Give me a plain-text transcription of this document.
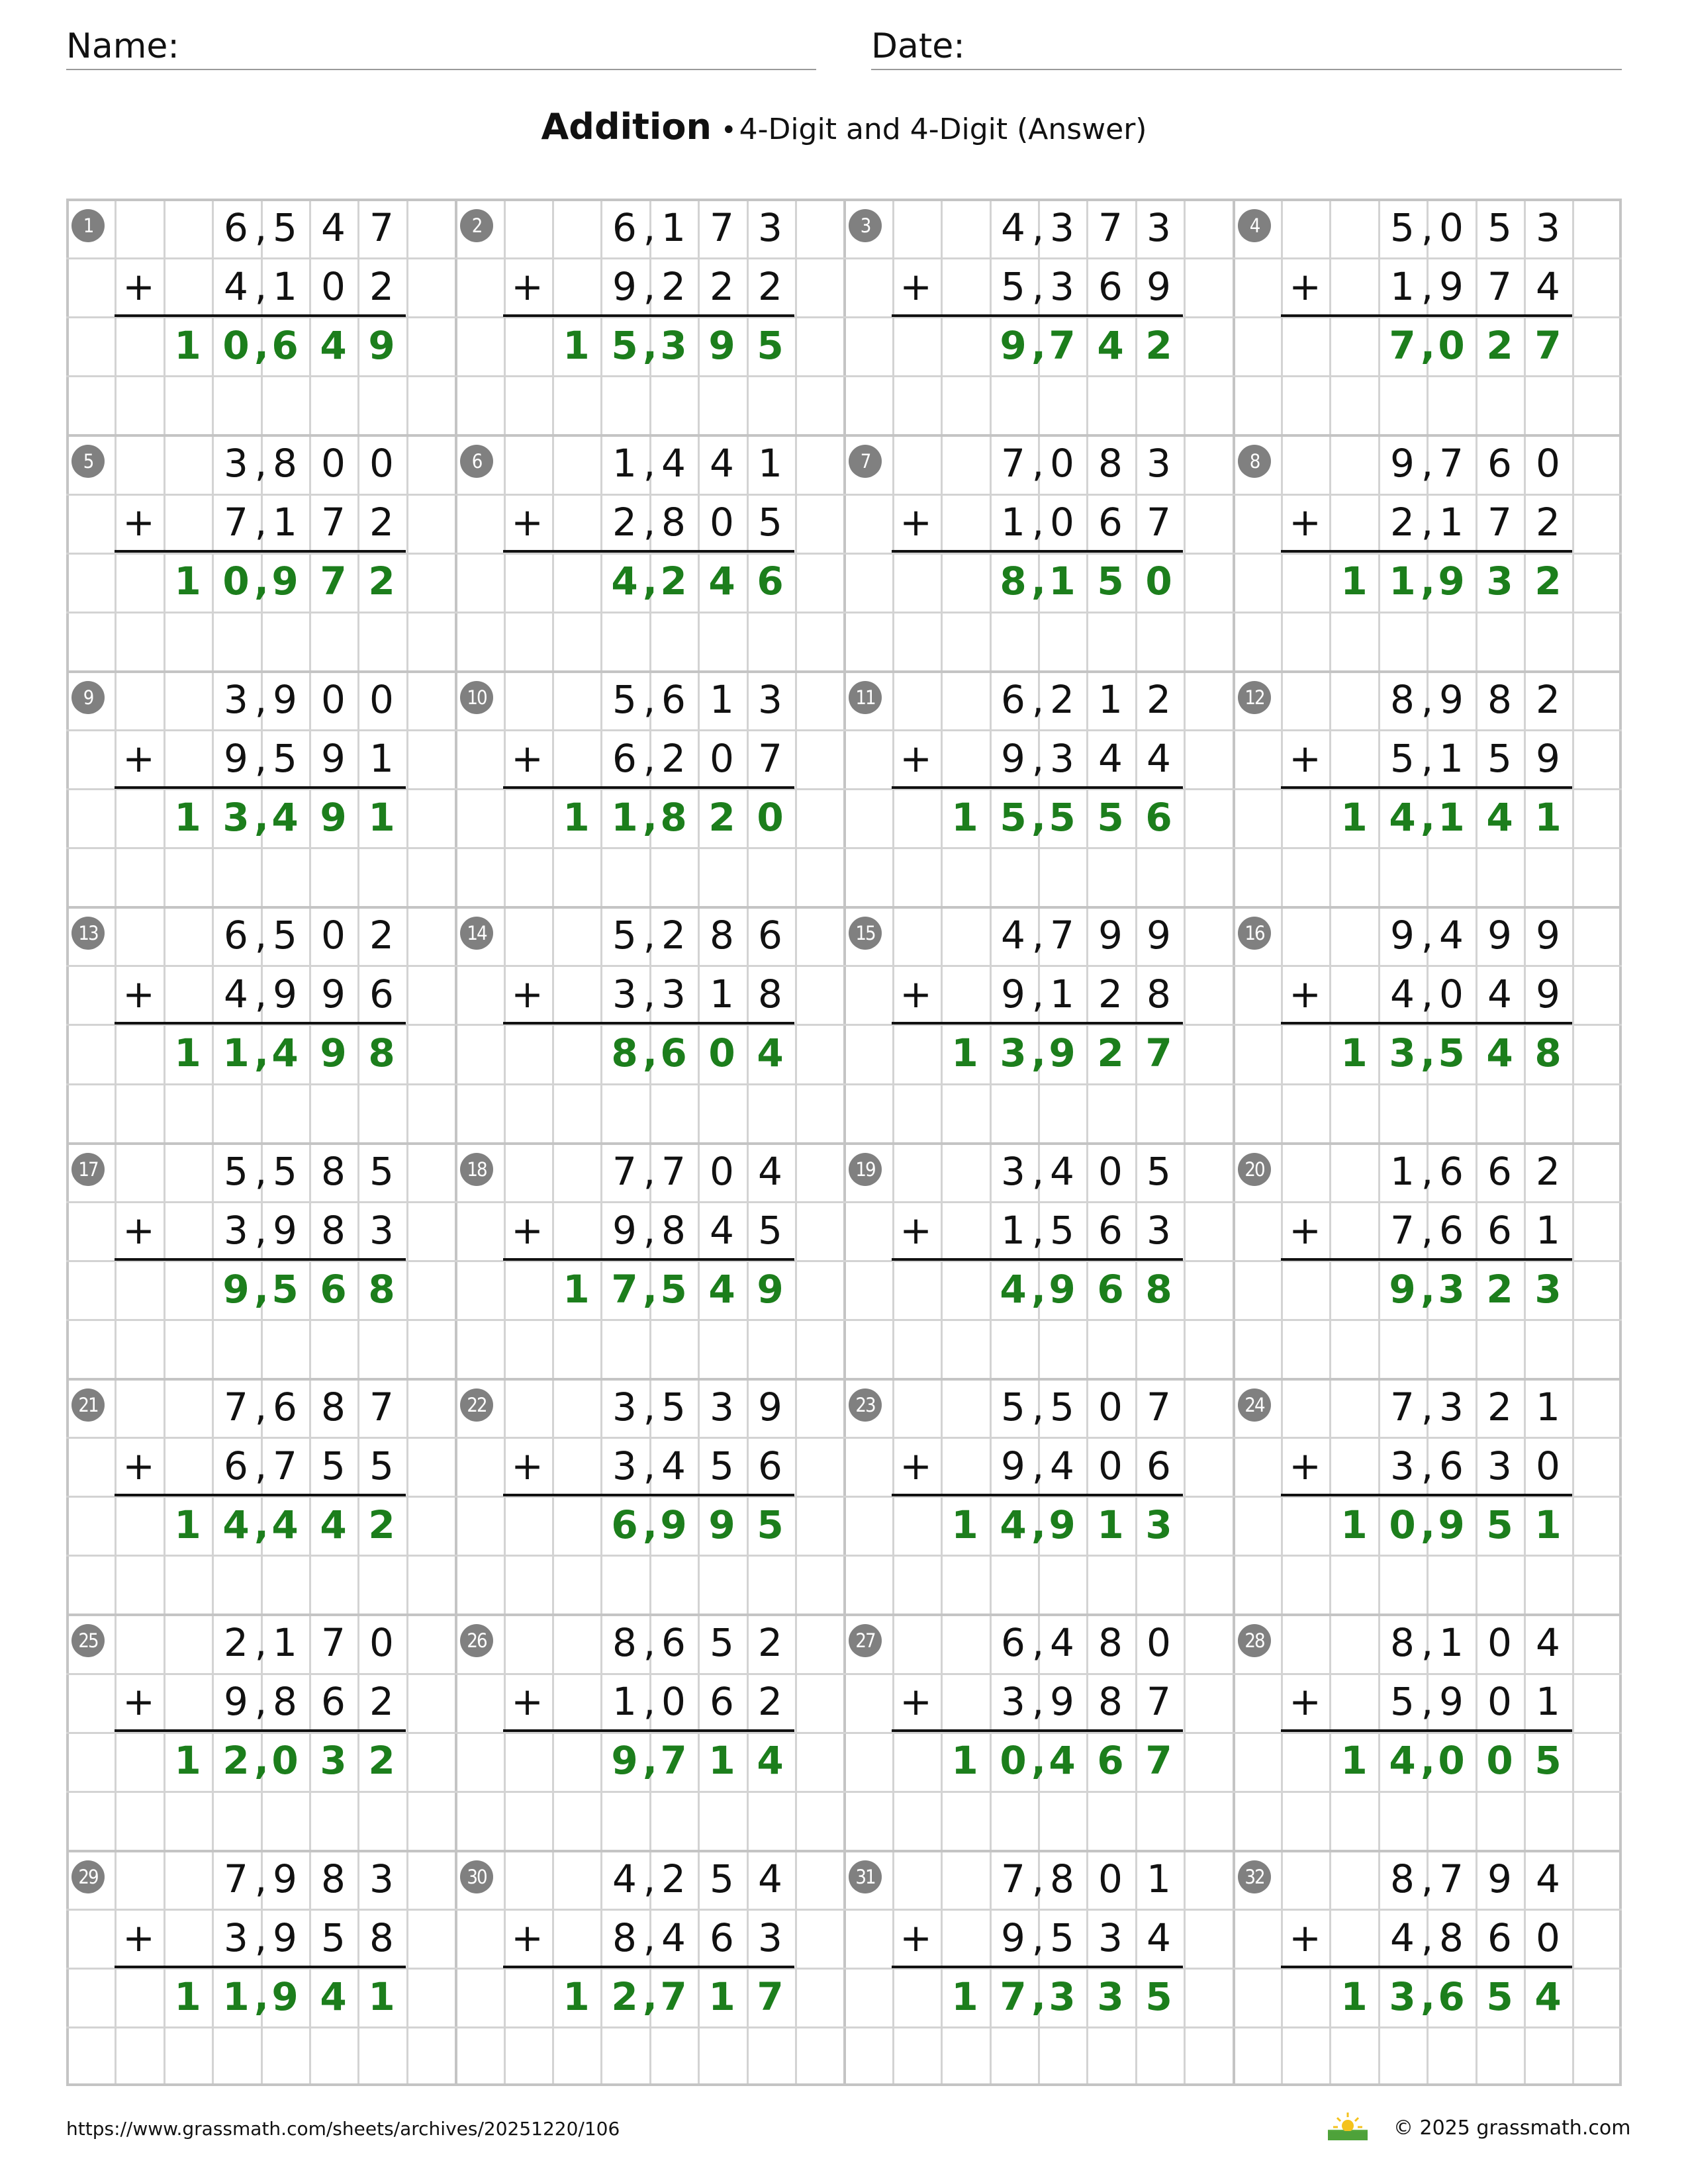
Name:	Date:
Addition •4-Digit and 4-Digit (Answer)
1	6 5 4 7
,
+	4 1 0 2
,
1 0 6 4 9
,
2	6 1 7 3
,
+	9 2 2 2
,
1 5 3 9 5
,
3	4 3 7 3
,
+	5 3 6 9
,
9 7 4 2
,
4	5 0 5 3
,
+	1 9 7 4
,
7 0 2 7
,
5	3 8 0 0
,
+	7 1 7 2
,
1 0 9 7 2
,
6	1 4 4 1
,
+	2 8 0 5
,
4 2 4 6
,
7	7 0 8 3
,
+	1 0 6 7
,
8 1 5 0
,
8	9 7 6 0
,
+	2 1 7 2
,
1 1 9 3 2
,
9	3 9 0 0
,
+	9 5 9 1
,
1 3 4 9 1
,
10	5 6 1 3
,
+	6 2 0 7
,
1 1 8 2 0
,
11	6 2 1 2
,
+	9 3 4 4
,
1 5 5 5 6
,
12	8 9 8 2
,
+	5 1 5 9
,
1 4 1 4 1
,
13	6 5 0 2
,
+	4 9 9 6
,
1 1 4 9 8
,
14	5 2 8 6
,
+	3 3 1 8
,
8 6 0 4
,
15	4 7 9 9
,
+	9 1 2 8
,
1 3 9 2 7
,
16	9 4 9 9
,
+	4 0 4 9
,
1 3 5 4 8
,
17	5 5 8 5
,
+	3 9 8 3
,
9 5 6 8
,
18	7 7 0 4
,
+	9 8 4 5
,
1 7 5 4 9
,
19	3 4 0 5
,
+	1 5 6 3
,
4 9 6 8
,
20	1 6 6 2
,
+	7 6 6 1
,
9 3 2 3
,
21	7 6 8 7
,
+	6 7 5 5
,
1 4 4 4 2
,
22	3 5 3 9
,
+	3 4 5 6
,
6 9 9 5
,
23	5 5 0 7
,
+	9 4 0 6
,
1 4 9 1 3
,
24	7 3 2 1
,
+	3 6 3 0
,
1 0 9 5 1
,
25	2 1 7 0
,
+	9 8 6 2
,
1 2 0 3 2
,
26	8 6 5 2
,
+	1 0 6 2
,
9 7 1 4
,
27	6 4 8 0
,
+	3 9 8 7
,
1 0 4 6 7
,
28	8 1 0 4
,
+	5 9 0 1
,
1 4 0 0 5
,
29	7 9 8 3
,
+	3 9 5 8
,
1 1 9 4 1
,
30	4 2 5 4
,
+	8 4 6 3
,
1 2 7 1 7
,
31	7 8 0 1
,
+	9 5 3 4
,
1 7 3 3 5
,
32	8 7 9 4
,
+	4 8 6 0
,
1 3 6 5 4
,
https://www.grassmath.com/sheets/archives/20251220/106	© 2025 grassmath.com
